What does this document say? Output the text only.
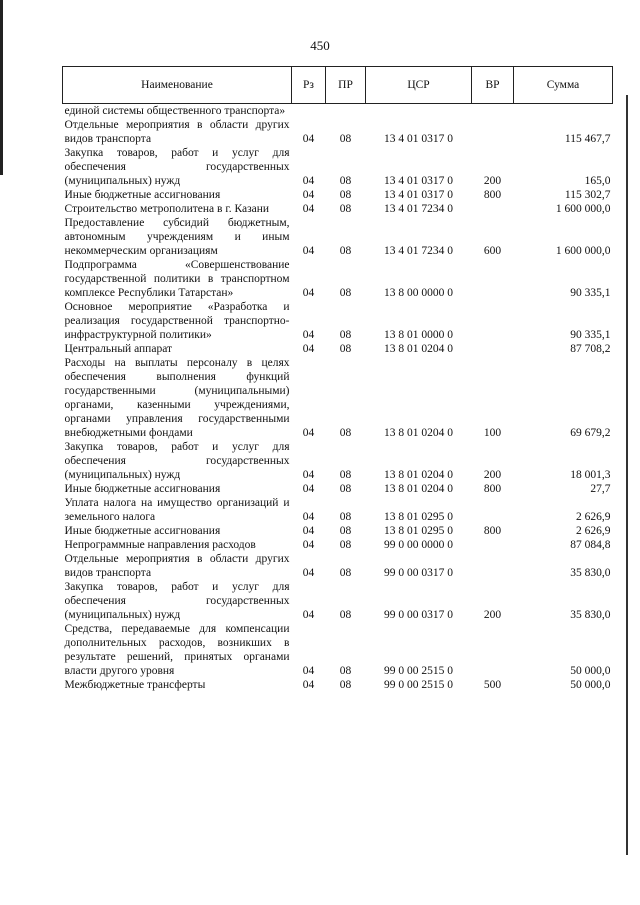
450
Наименование	Рз	ПР	ЦСР	ВР	Сумма
единой системы общественного транспорта»					
Отдельные мероприятия в области других видов транспорта	04	08	13 4 01 0317 0		115 467,7
Закупка товаров, работ и услуг для обеспечения государственных (муниципальных) нужд	04	08	13 4 01 0317 0	200	165,0
Иные бюджетные ассигнования	04	08	13 4 01 0317 0	800	115 302,7
Строительство метрополитена в г. Казани	04	08	13 4 01 7234 0		1 600 000,0
Предоставление субсидий бюджетным, автономным учреждениям и иным некоммерческим организациям	04	08	13 4 01 7234 0	600	1 600 000,0
Подпрограмма «Совершенствование государственной политики в транспортном комплексе Республики Татарстан»	04	08	13 8 00 0000 0		90 335,1
Основное мероприятие «Разработка и реализация государственной транспортно-инфраструктурной политики»	04	08	13 8 01 0000 0		90 335,1
Центральный аппарат	04	08	13 8 01 0204 0		87 708,2
Расходы на выплаты персоналу в целях обеспечения выполнения функций государственными (муниципальными) органами, казенными учреждениями, органами управления государственными внебюджетными фондами	04	08	13 8 01 0204 0	100	69 679,2
Закупка товаров, работ и услуг для обеспечения государственных (муниципальных) нужд	04	08	13 8 01 0204 0	200	18 001,3
Иные бюджетные ассигнования	04	08	13 8 01 0204 0	800	27,7
Уплата налога на имущество организаций и земельного налога	04	08	13 8 01 0295 0		2 626,9
Иные бюджетные ассигнования	04	08	13 8 01 0295 0	800	2 626,9
Непрограммные направления расходов	04	08	99 0 00 0000 0		87 084,8
Отдельные мероприятия в области других видов транспорта	04	08	99 0 00 0317 0		35 830,0
Закупка товаров, работ и услуг для обеспечения государственных (муниципальных) нужд	04	08	99 0 00 0317 0	200	35 830,0
Средства, передаваемые для компенсации дополнительных расходов, возникших в результате решений, принятых органами власти другого уровня	04	08	99 0 00 2515 0		50 000,0
Межбюджетные трансферты	04	08	99 0 00 2515 0	500	50 000,0
